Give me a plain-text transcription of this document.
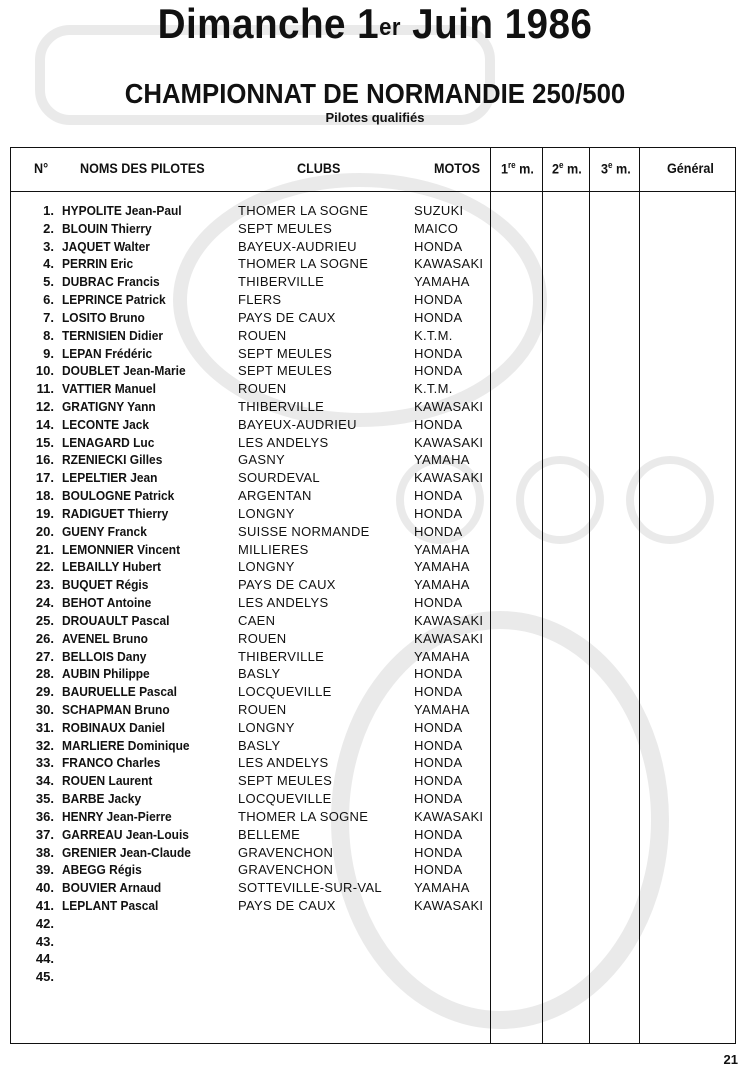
Dimanche 1er Juin 1986
CHAMPIONNAT DE NORMANDIE 250/500
Pilotes qualifiés
N° NOMS DES PILOTES	CLUBS	MOTOS 1re m. 2e m. 3e m.	Général
1. HYPOLITE Jean-Paul	THOMER LA SOGNE	SUZUKI
2. BLOUIN Thierry	SEPT MEULES	MAICO
3. JAQUET Walter	BAYEUX-AUDRIEU	HONDA
4. PERRIN Eric	THOMER LA SOGNE	KAWASAKI
5. DUBRAC Francis	THIBERVILLE	YAMAHA
6. LEPRINCE Patrick	FLERS	HONDA
7. LOSITO Bruno	PAYS DE CAUX	HONDA
8. TERNISIEN Didier	ROUEN	K.T.M.
9. LEPAN Frédéric	SEPT MEULES	HONDA
10. DOUBLET Jean-Marie	SEPT MEULES	HONDA
11. VATTIER Manuel	ROUEN	K.T.M.
12. GRATIGNY Yann	THIBERVILLE	KAWASAKI
14. LECONTE Jack	BAYEUX-AUDRIEU	HONDA
15. LENAGARD Luc	LES ANDELYS	KAWASAKI
16. RZENIECKI Gilles	GASNY	YAMAHA
17. LEPELTIER Jean	SOURDEVAL	KAWASAKI
18. BOULOGNE Patrick	ARGENTAN	HONDA
19. RADIGUET Thierry	LONGNY	HONDA
20. GUENY Franck	SUISSE NORMANDE	HONDA
21. LEMONNIER Vincent	MILLIERES	YAMAHA
22. LEBAILLY Hubert	LONGNY	YAMAHA
23. BUQUET Régis	PAYS DE CAUX	YAMAHA
24. BEHOT Antoine	LES ANDELYS	HONDA
25. DROUAULT Pascal	CAEN	KAWASAKI
26. AVENEL Bruno	ROUEN	KAWASAKI
27. BELLOIS Dany	THIBERVILLE	YAMAHA
28. AUBIN Philippe	BASLY	HONDA
29. BAURUELLE Pascal	LOCQUEVILLE	HONDA
30. SCHAPMAN Bruno	ROUEN	YAMAHA
31. ROBINAUX Daniel	LONGNY	HONDA
32. MARLIERE Dominique	BASLY	HONDA
33. FRANCO Charles	LES ANDELYS	HONDA
34. ROUEN Laurent	SEPT MEULES	HONDA
35. BARBE Jacky	LOCQUEVILLE	HONDA
36. HENRY Jean-Pierre	THOMER LA SOGNE	KAWASAKI
37. GARREAU Jean-Louis	BELLEME	HONDA
38. GRENIER Jean-Claude	GRAVENCHON	HONDA
39. ABEGG Régis	GRAVENCHON	HONDA
40. BOUVIER Arnaud	SOTTEVILLE-SUR-VAL YAMAHA
41. LEPLANT Pascal	PAYS DE CAUX	KAWASAKI
42.
43.
44.
45.
21
